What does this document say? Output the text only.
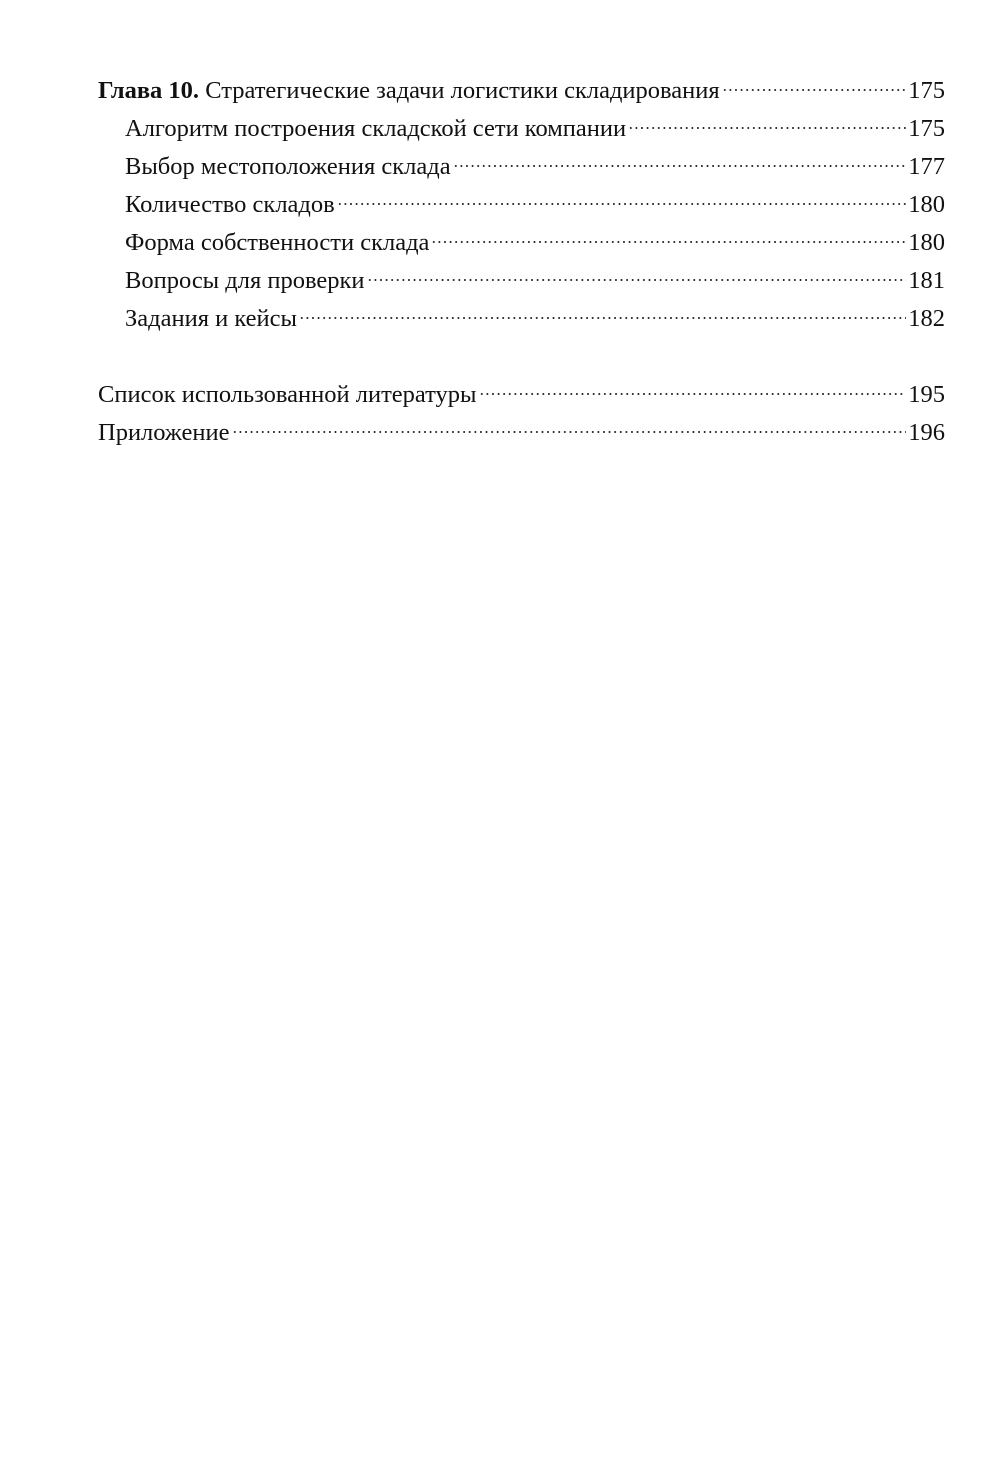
Глава 10. Стратегические задачи логистики складирования	175
Алгоритм построения складской сети компании	175
Выбор местоположения склада	177
Количество складов	180
Форма собственности склада	180
Вопросы для проверки	181
Задания и кейсы	182
Список использованной литературы	195
Приложение	196
